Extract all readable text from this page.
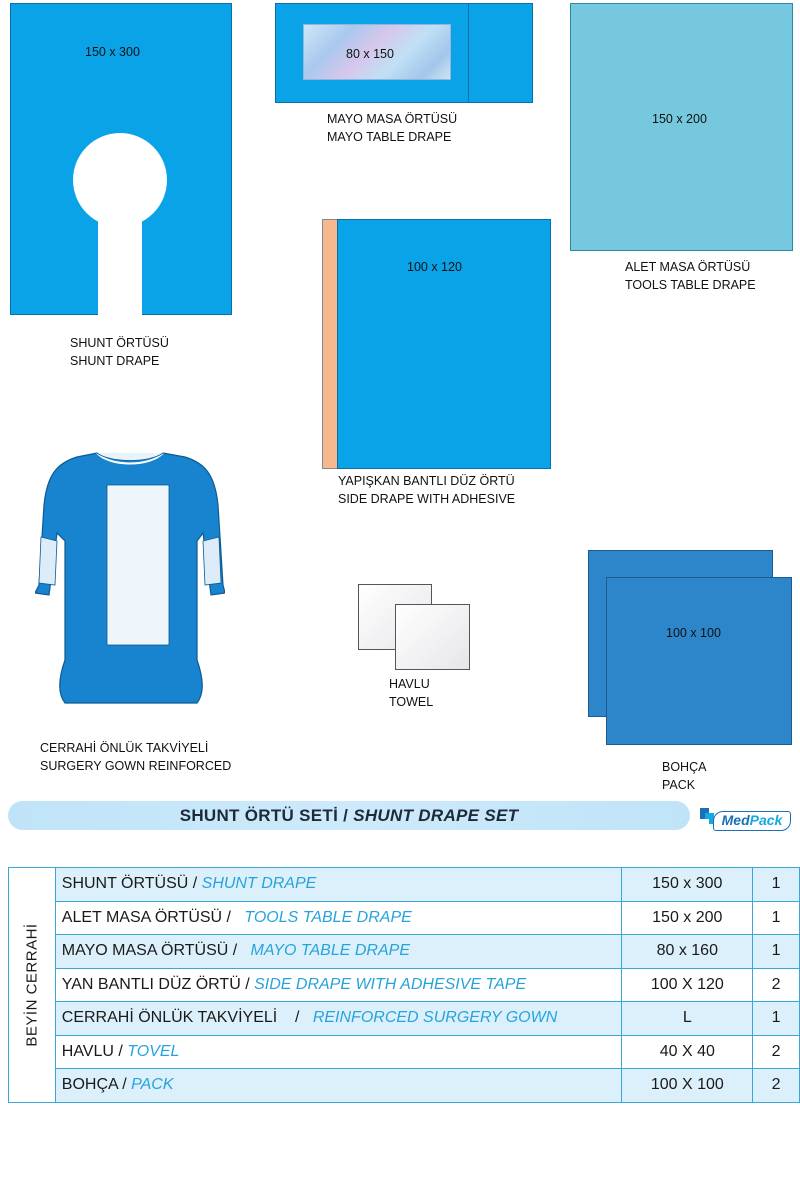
150 x 300
SHUNT ÖRTÜSÜ
SHUNT DRAPE
80 x 150
MAYO MASA ÖRTÜSÜ
MAYO TABLE DRAPE
150 x 200
ALET MASA ÖRTÜSÜ
TOOLS TABLE DRAPE
100 x 120
YAPIŞKAN BANTLI DÜZ ÖRTÜ
SIDE DRAPE WITH ADHESIVE
CERRAHİ ÖNLÜK TAKVİYELİ
SURGERY GOWN REINFORCED
HAVLU
TOWEL
100 x 100
BOHÇA
PACK
SHUNT ÖRTÜ SETİ / SHUNT DRAPE SET	MedPack
BEYİN CERRAHİ	SHUNT ÖRTÜSÜ / SHUNT DRAPE	150 x 300	1
	ALET MASA ÖRTÜSÜ / TOOLS TABLE DRAPE	150 x 200	1
	MAYO MASA ÖRTÜSÜ / MAYO TABLE DRAPE	80 x 160	1
	YAN BANTLI DÜZ ÖRTÜ / SIDE DRAPE WITH ADHESIVE TAPE	100 X 120	2
	CERRAHİ ÖNLÜK TAKVİYELİ    / REINFORCED SURGERY GOWN	L	1
	HAVLU / TOVEL	40 X 40	2
	BOHÇA / PACK	100 X 100	2
